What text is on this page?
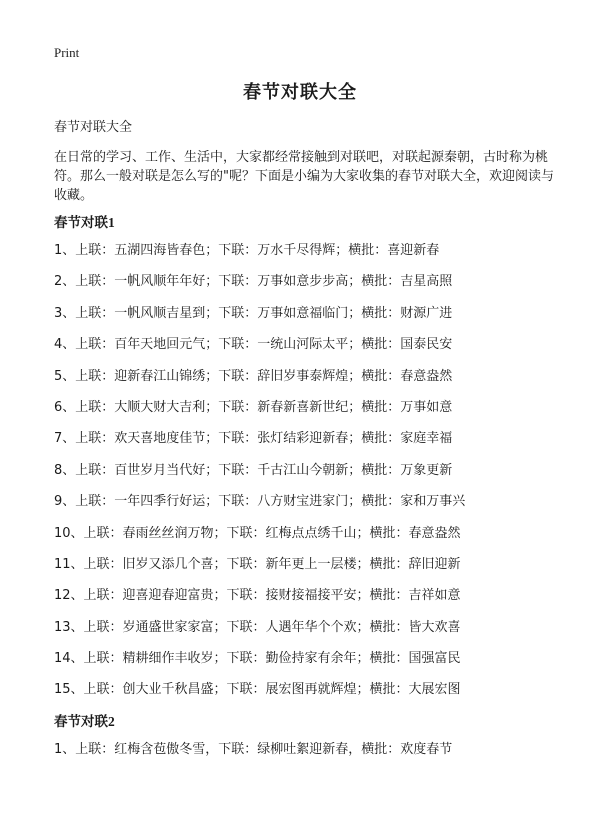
Print
春节对联大全

春节对联大全

在日常的学习、工作、生活中，大家都经常接触到对联吧，对联起源秦朝，古时称为桃符。那么一般对联是怎么写的"呢？下面是小编为大家收集的春节对联大全，欢迎阅读与收藏。

春节对联1
1、上联：五湖四海皆春色；下联：万水千尽得辉；横批：喜迎新春
2、上联：一帆风顺年年好；下联：万事如意步步高；横批：吉星高照
3、上联：一帆风顺吉星到；下联：万事如意福临门；横批：财源广进
4、上联：百年天地回元气；下联：一统山河际太平；横批：国泰民安
5、上联：迎新春江山锦绣；下联：辞旧岁事泰辉煌；横批：春意盎然
6、上联：大顺大财大吉利；下联：新春新喜新世纪；横批：万事如意
7、上联：欢天喜地度佳节；下联：张灯结彩迎新春；横批：家庭幸福
8、上联：百世岁月当代好；下联：千古江山今朝新；横批：万象更新
9、上联：一年四季行好运；下联：八方财宝进家门；横批：家和万事兴
10、上联：春雨丝丝润万物；下联：红梅点点绣千山；横批：春意盎然
11、上联：旧岁又添几个喜；下联：新年更上一层楼；横批：辞旧迎新
12、上联：迎喜迎春迎富贵；下联：接财接福接平安；横批：吉祥如意
13、上联：岁通盛世家家富；下联：人遇年华个个欢；横批：皆大欢喜
14、上联：精耕细作丰收岁；下联：勤俭持家有余年；横批：国强富民
15、上联：创大业千秋昌盛；下联：展宏图再就辉煌；横批：大展宏图
春节对联2
1、上联：红梅含苞傲冬雪，下联：绿柳吐絮迎新春，横批：欢度春节
